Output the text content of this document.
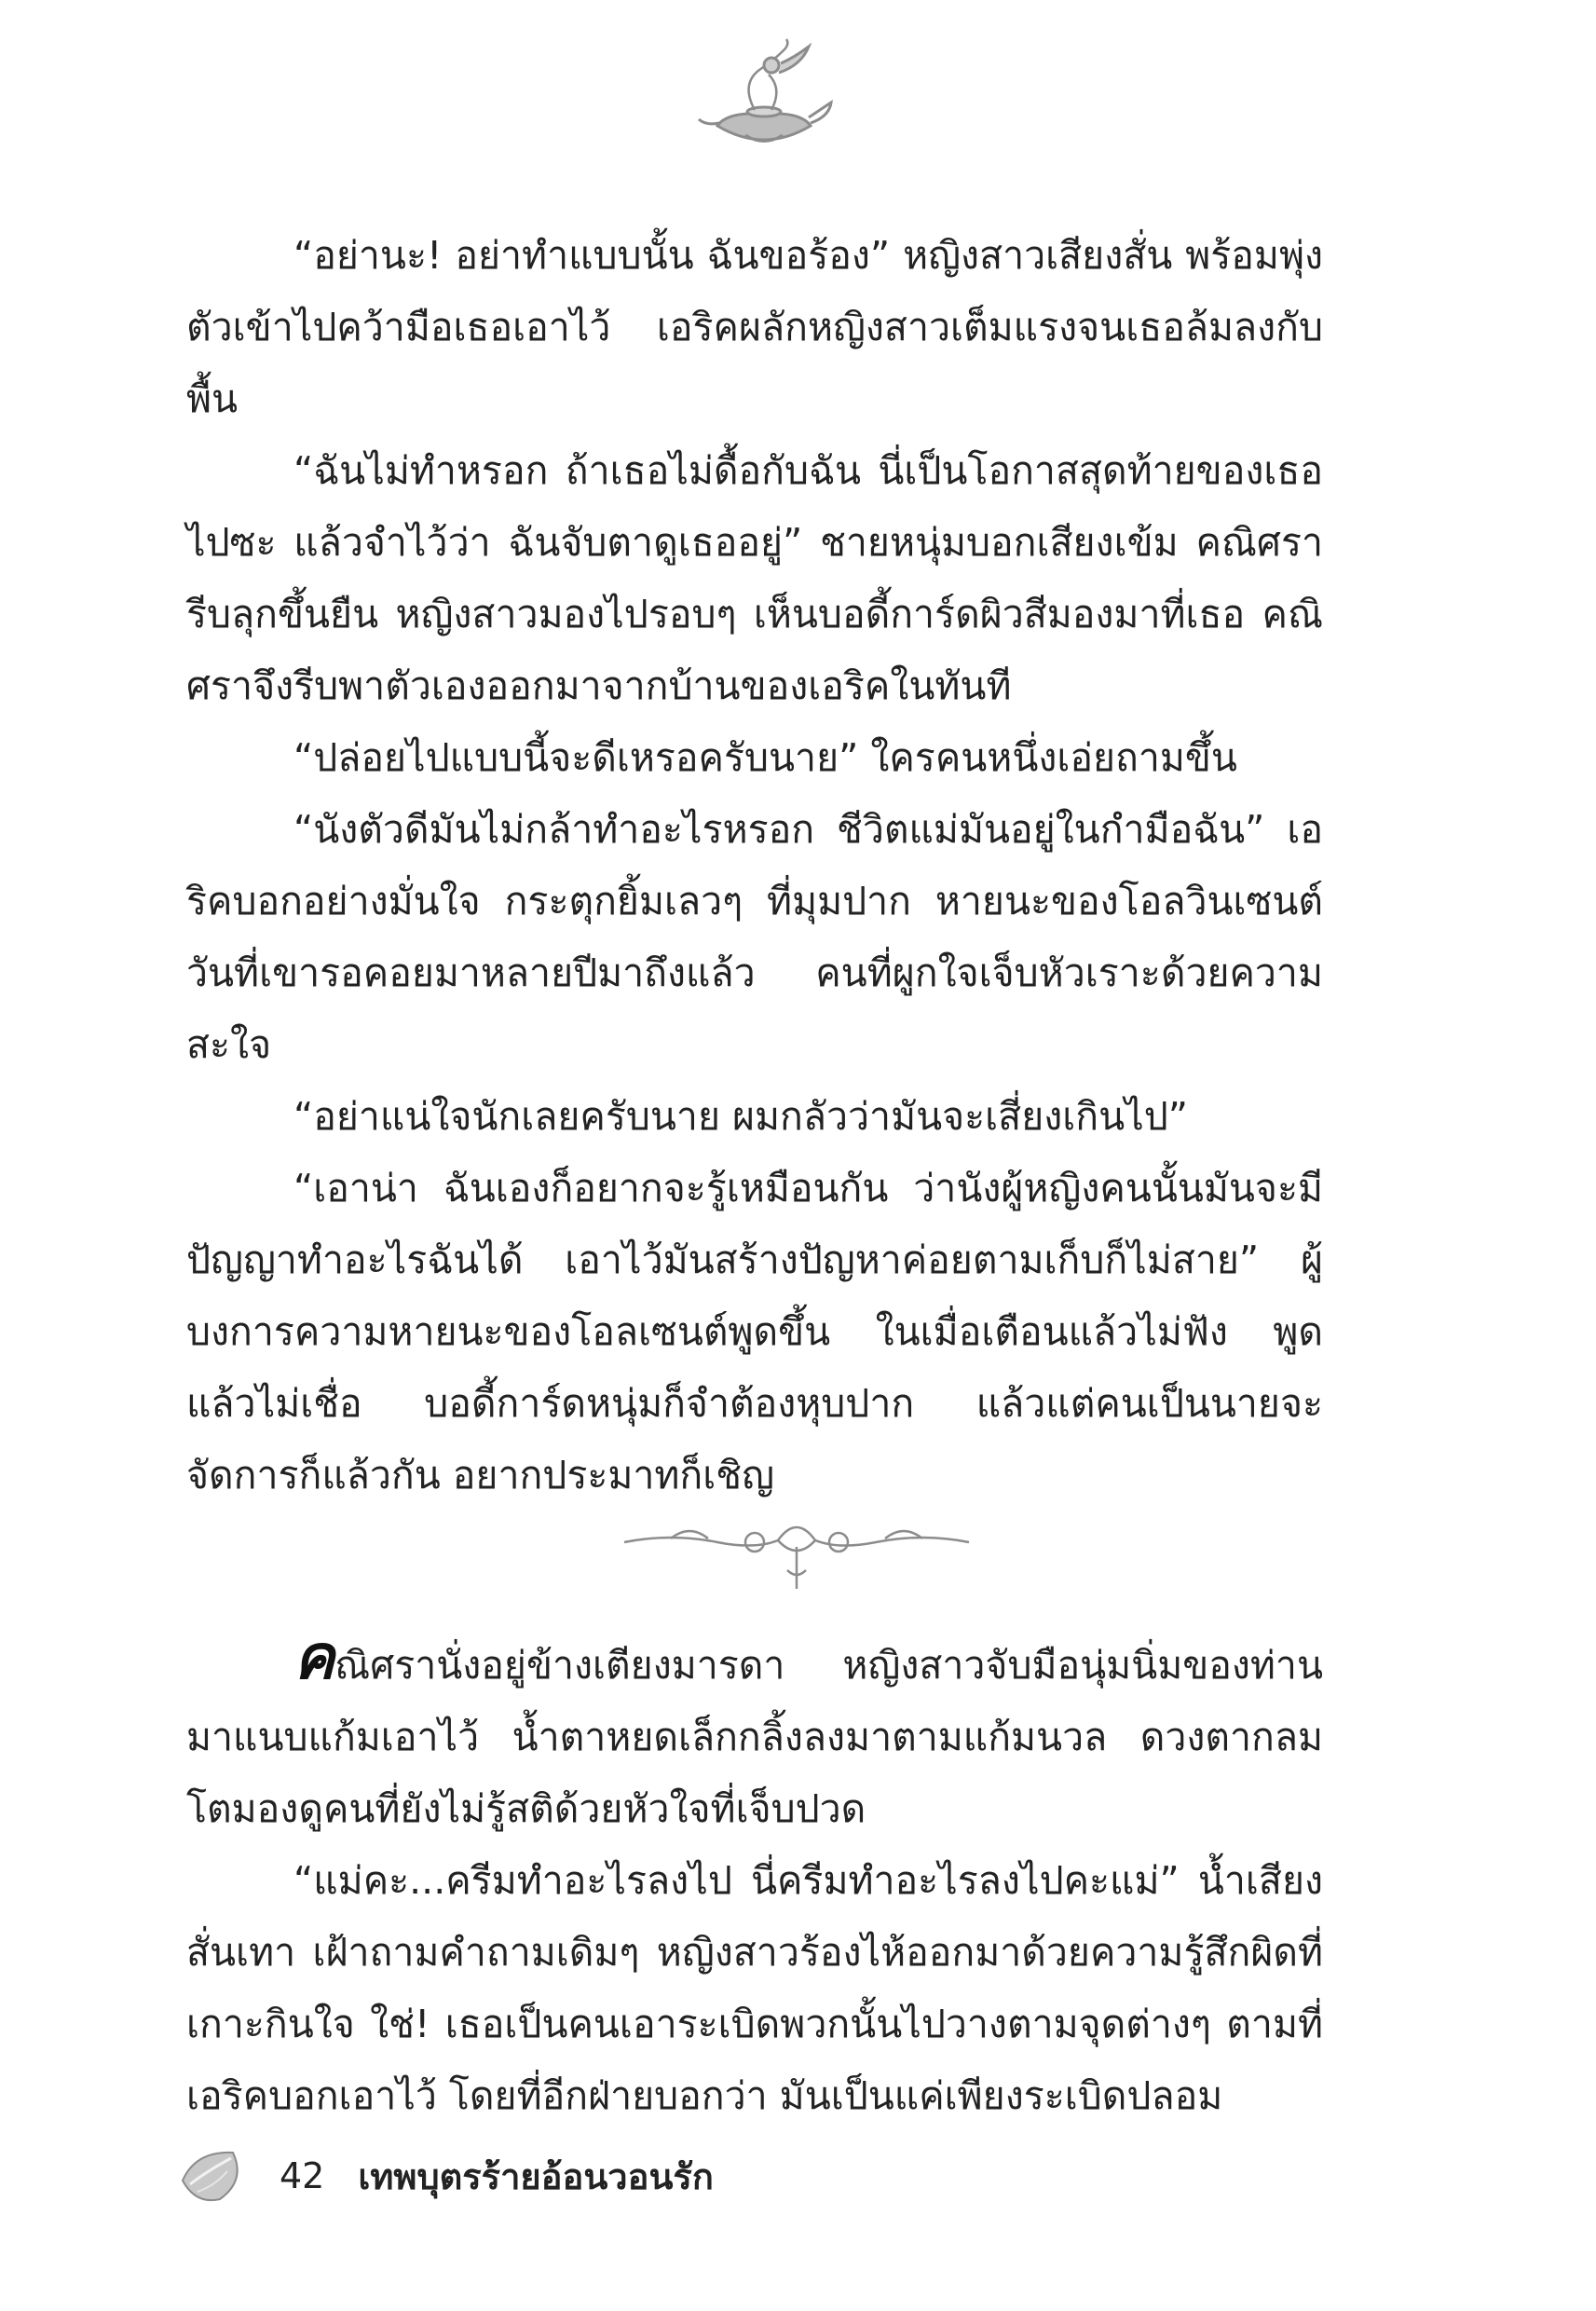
“อย่านะ! อย่าทำแบบนั้น ฉันขอร้อง” หญิงสาวเสียงสั่น พร้อมพุ่งตัวเข้าไปคว้ามือเธอเอาไว้ เอริคผลักหญิงสาวเต็มแรงจนเธอล้มลงกับพื้น

“ฉันไม่ทำหรอก ถ้าเธอไม่ดื้อกับฉัน นี่เป็นโอกาสสุดท้ายของเธอไปซะ แล้วจำไว้ว่า ฉันจับตาดูเธออยู่” ชายหนุ่มบอกเสียงเข้ม คณิศรารีบลุกขึ้นยืน หญิงสาวมองไปรอบๆ เห็นบอดี้การ์ดผิวสีมองมาที่เธอ คณิศราจึงรีบพาตัวเองออกมาจากบ้านของเอริคในทันที

“ปล่อยไปแบบนี้จะดีเหรอครับนาย” ใครคนหนึ่งเอ่ยถามขึ้น

“นังตัวดีมันไม่กล้าทำอะไรหรอก ชีวิตแม่มันอยู่ในกำมือฉัน” เอริคบอกอย่างมั่นใจ กระตุกยิ้มเลวๆ ที่มุมปาก หายนะของโอลวินเซนต์วันที่เขารอคอยมาหลายปีมาถึงแล้ว คนที่ผูกใจเจ็บหัวเราะด้วยความสะใจ

“อย่าแน่ใจนักเลยครับนาย ผมกลัวว่ามันจะเสี่ยงเกินไป”

“เอาน่า ฉันเองก็อยากจะรู้เหมือนกัน ว่านังผู้หญิงคนนั้นมันจะมีปัญญาทำอะไรฉันได้ เอาไว้มันสร้างปัญหาค่อยตามเก็บก็ไม่สาย” ผู้บงการความหายนะของโอลเซนต์พูดขึ้น ในเมื่อเตือนแล้วไม่ฟัง พูดแล้วไม่เชื่อ บอดี้การ์ดหนุ่มก็จำต้องหุบปาก แล้วแต่คนเป็นนายจะจัดการก็แล้วกัน อยากประมาทก็เชิญ

คณิศรานั่งอยู่ข้างเตียงมารดา หญิงสาวจับมือนุ่มนิ่มของท่านมาแนบแก้มเอาไว้ น้ำตาหยดเล็กกลิ้งลงมาตามแก้มนวล ดวงตากลมโตมองดูคนที่ยังไม่รู้สติด้วยหัวใจที่เจ็บปวด

“แม่คะ...ครีมทำอะไรลงไป นี่ครีมทำอะไรลงไปคะแม่” น้ำเสียงสั่นเทา เฝ้าถามคำถามเดิมๆ หญิงสาวร้องไห้ออกมาด้วยความรู้สึกผิดที่เกาะกินใจ ใช่! เธอเป็นคนเอาระเบิดพวกนั้นไปวางตามจุดต่างๆ ตามที่เอริคบอกเอาไว้ โดยที่อีกฝ่ายบอกว่า มันเป็นแค่เพียงระเบิดปลอม

42 เทพบุตรร้ายอ้อนวอนรัก
